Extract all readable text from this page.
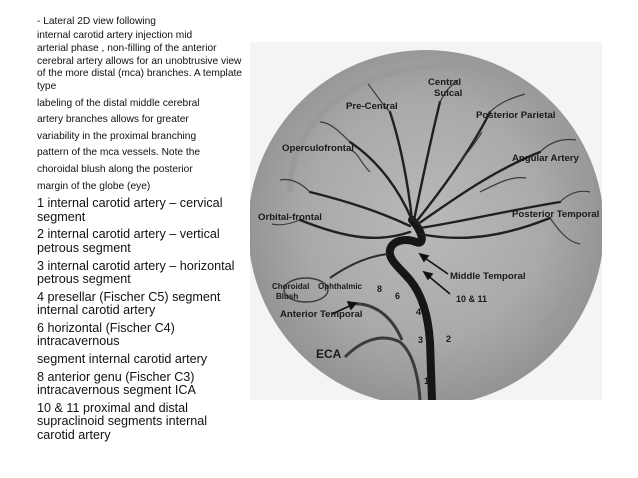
- Lateral 2D view following

internal carotid artery injection mid

arterial phase , non-filling of the anterior cerebral artery allows for an unobtrusive view of the more distal (mca) branches. A template type

labeling of the distal middle cerebral

artery branches allows for greater

variability in the proximal branching

pattern of the mca vessels. Note the

choroidal blush along the posterior

margin of the globe (eye)

1 internal carotid artery – cervical segment

2 internal carotid artery – vertical petrous segment

3 internal carotid artery – horizontal petrous segment

4 presellar (Fischer C5) segment internal carotid artery

6 horizontal (Fischer C4) intracavernous

segment internal carotid artery

8 anterior genu (Fischer C3) intracavernous segment ICA

10 & 11 proximal and distal supraclinoid segments internal carotid artery

Central
Sulcal
Pre-Central
Posterior Parietal
Operculofrontal
Angular Artery
Orbital-frontal	Posterior Temporal
Middle Temporal
Choroidal
Blush
Ophthalmic
Anterior Temporal
ECA
10 & 11
8
6
4
3	2
1
